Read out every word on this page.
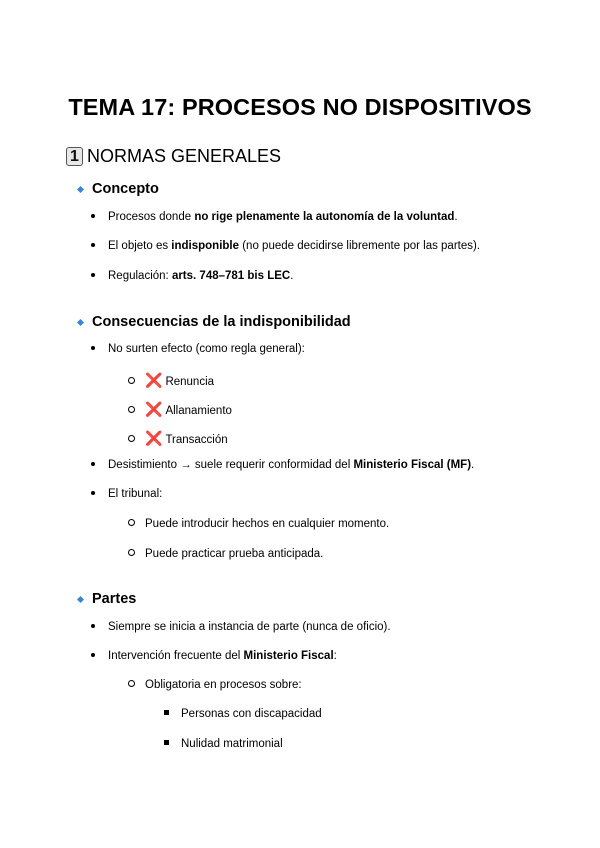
TEMA 17: PROCESOS NO DISPOSITIVOS
1 NORMAS GENERALES
Concepto
Procesos donde no rige plenamente la autonomía de la voluntad.
El objeto es indisponible (no puede decidirse libremente por las partes).
Regulación: arts. 748–781 bis LEC.
Consecuencias de la indisponibilidad
No surten efecto (como regla general):
❌ Renuncia
❌ Allanamiento
❌ Transacción
Desistimiento → suele requerir conformidad del Ministerio Fiscal (MF).
El tribunal:
Puede introducir hechos en cualquier momento.
Puede practicar prueba anticipada.
Partes
Siempre se inicia a instancia de parte (nunca de oficio).
Intervención frecuente del Ministerio Fiscal:
Obligatoria en procesos sobre:
Personas con discapacidad
Nulidad matrimonial
